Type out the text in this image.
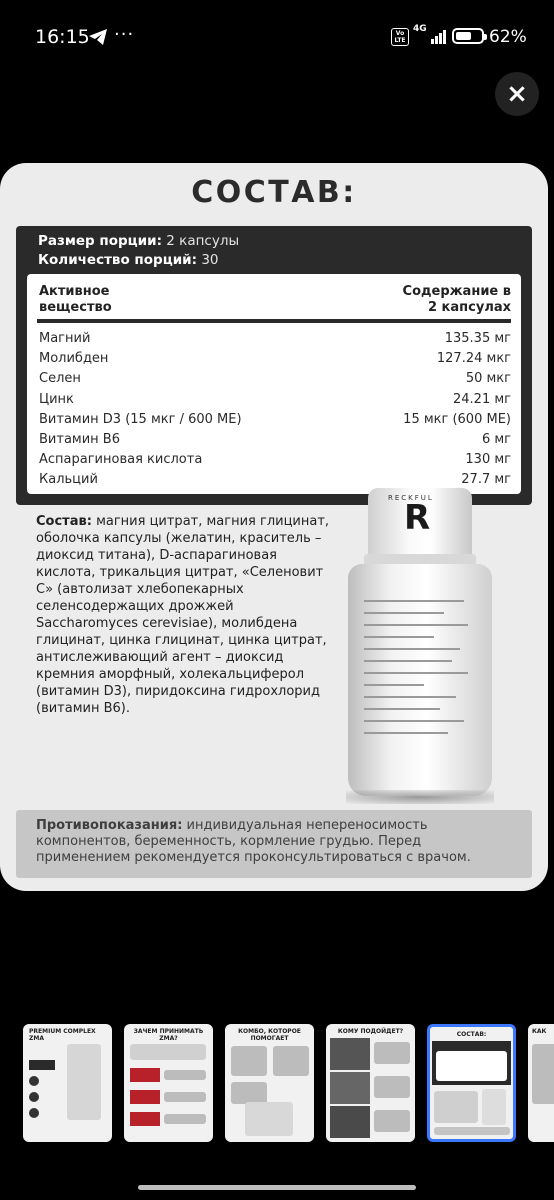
16:15 ···	Vo LTE
4G	62%
×
СОСТАВ:
Размер порции: 2 капсулы
Количество порций: 30
Активное вещество
Содержание в 2 капсулах
Магний	135.35 мг
Молибден	127.24 мкг
Селен	50 мкг
Цинк	24.21 мг
Витамин D3 (15 мкг / 600 МЕ)	15 мкг (600 МЕ)
Витамин B6	6 мг
Аспарагиновая кислота	130 мг
Кальций	27.7 мг
Состав: магния цитрат, магния глицинат, оболочка капсулы (желатин, краситель – диоксид титана), D-аспарагиновая кислота, трикальция цитрат, «Селеновит С» (автолизат хлебопекарных селенсодержащих дрожжей Saccharomyces cerevisiae), молибдена глицинат, цинка глицинат, цинка цитрат, антислеживающий агент – диоксид кремния аморфный, холекальциферол (витамин D3), пиридоксина гидрохлорид (витамин B6).
RECKFUL
R
Противопоказания: индивидуальная непереносимость компонентов, беременность, кормление грудью. Перед применением рекомендуется проконсультироваться с врачом.
PREMIUM COMPLEX ZMA
ЗАЧЕМ ПРИНИМАТЬ ZMA?
КОМБО, КОТОРОЕ ПОМОГАЕТ
КОМУ ПОДОЙДЕТ?	СОСТАВ:	КАК
